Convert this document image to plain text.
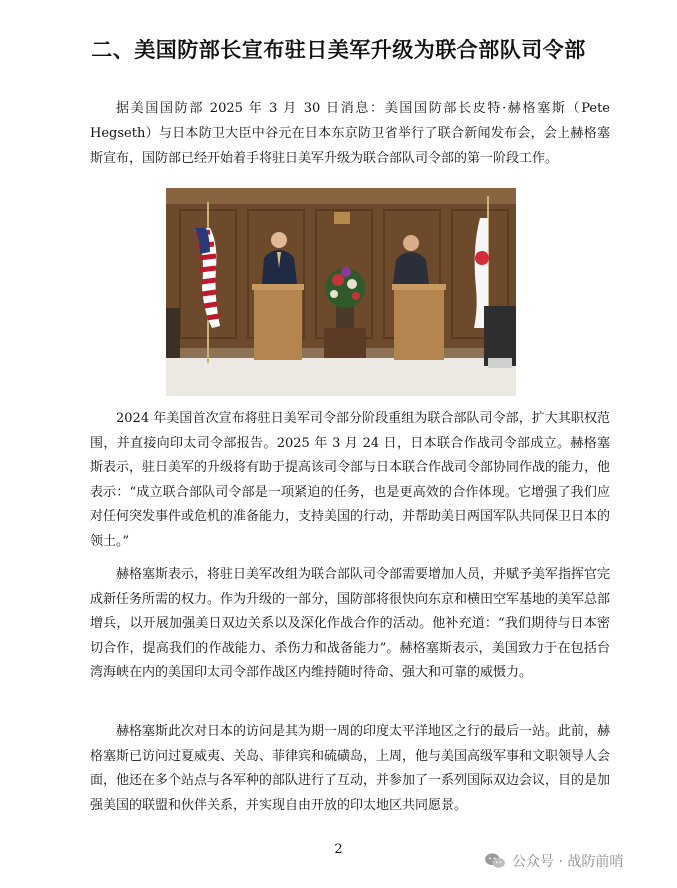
二、美国防部长宣布驻日美军升级为联合部队司令部

据美国国防部 2025 年 3 月 30 日消息：美国国防部长皮特·赫格塞斯（Pete Hegseth）与日本防卫大臣中谷元在日本东京防卫省举行了联合新闻发布会，会上赫格塞斯宣布，国防部已经开始着手将驻日美军升级为联合部队司令部的第一阶段工作。

2024 年美国首次宣布将驻日美军司令部分阶段重组为联合部队司令部，扩大其职权范围，并直接向印太司令部报告。2025 年 3 月 24 日，日本联合作战司令部成立。赫格塞斯表示，驻日美军的升级将有助于提高该司令部与日本联合作战司令部协同作战的能力，他表示：“成立联合部队司令部是一项紧迫的任务，也是更高效的合作体现。它增强了我们应对任何突发事件或危机的准备能力，支持美国的行动，并帮助美日两国军队共同保卫日本的领土。”

赫格塞斯表示，将驻日美军改组为联合部队司令部需要增加人员，并赋予美军指挥官完成新任务所需的权力。作为升级的一部分，国防部将很快向东京和横田空军基地的美军总部增兵，以开展加强美日双边关系以及深化作战合作的活动。他补充道：“我们期待与日本密切合作，提高我们的作战能力、杀伤力和战备能力”。赫格塞斯表示，美国致力于在包括台湾海峡在内的美国印太司令部作战区内维持随时待命、强大和可靠的威慑力。

赫格塞斯此次对日本的访问是其为期一周的印度太平洋地区之行的最后一站。此前，赫格塞斯已访问过夏威夷、关岛、菲律宾和硫磺岛，上周，他与美国高级军事和文职领导人会面，他还在多个站点与各军种的部队进行了互动，并参加了一系列国际双边会议，目的是加强美国的联盟和伙伴关系，并实现自由开放的印太地区共同愿景。

2
公众号 · 战防前哨
